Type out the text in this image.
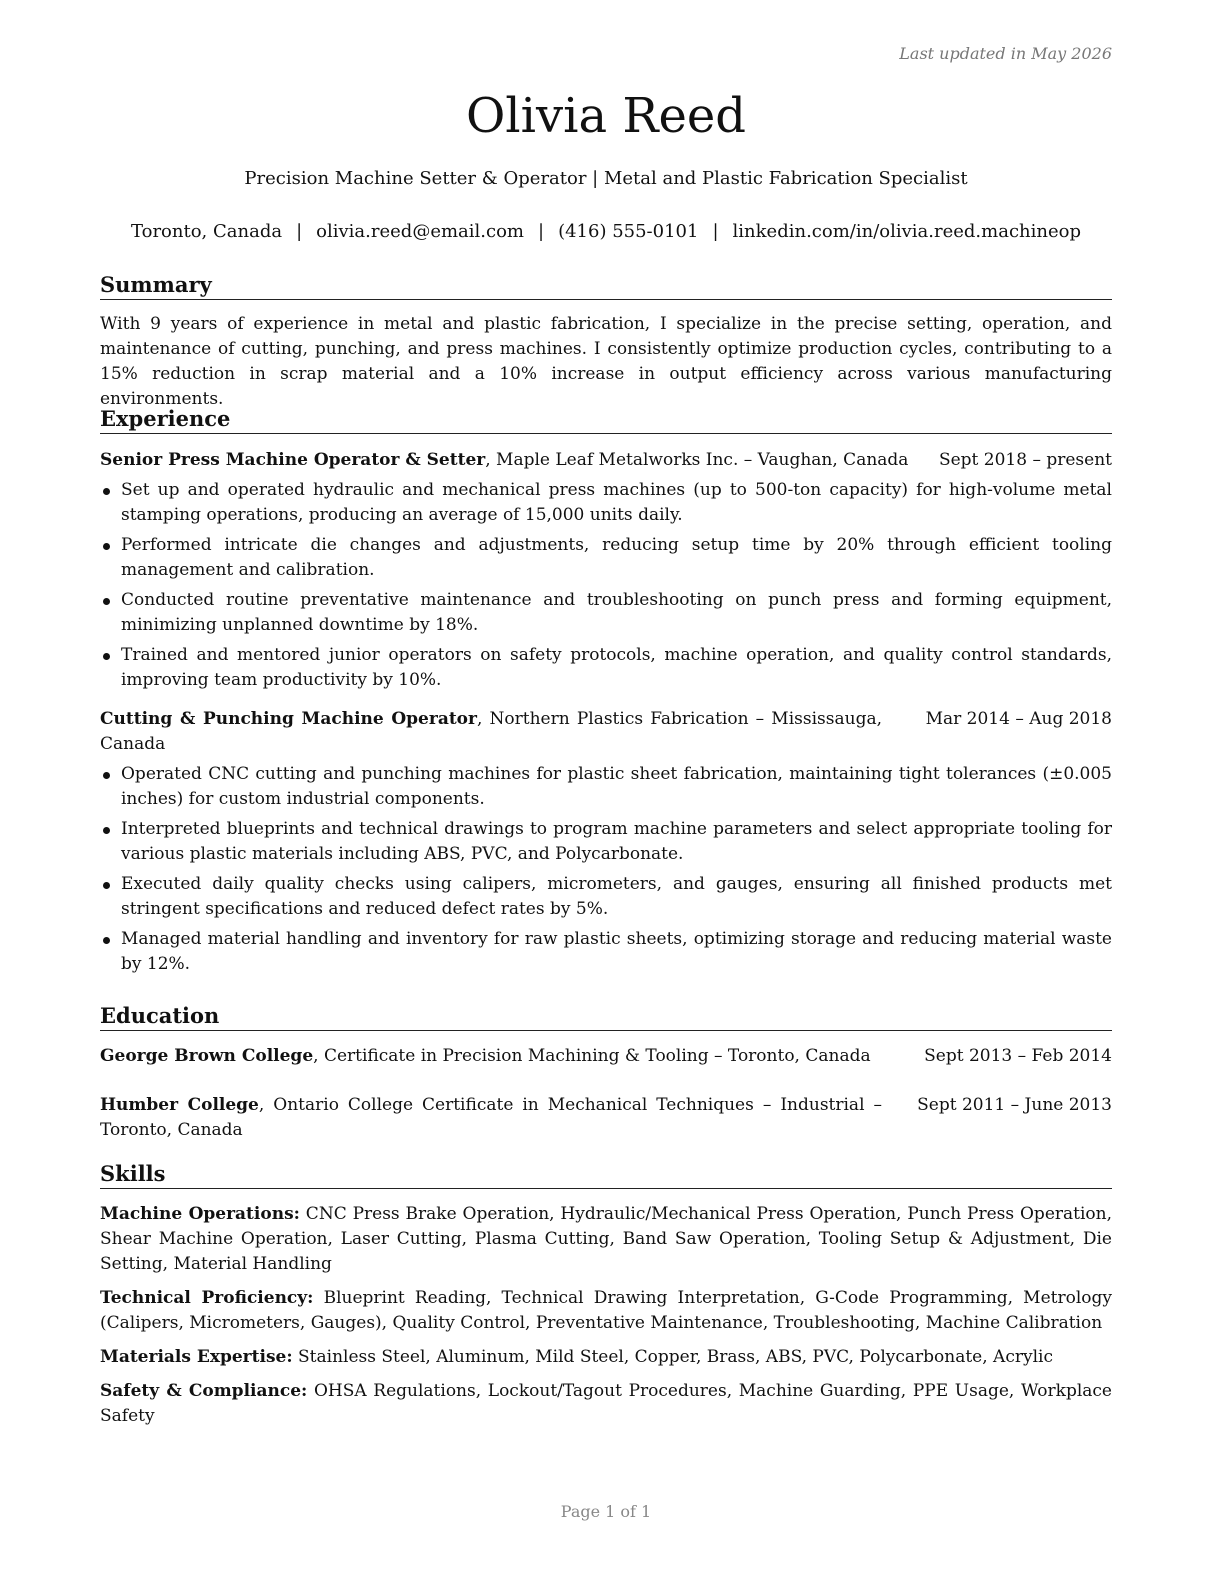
Last updated in May 2026
Olivia Reed
Precision Machine Setter & Operator | Metal and Plastic Fabrication Specialist
Toronto, Canada | olivia.reed@email.com | (416) 555-0101 | linkedin.com/in/olivia.reed.machineop
Summary

With 9 years of experience in metal and plastic fabrication, I specialize in the precise setting, operation, and maintenance of cutting, punching, and press machines. I consistently optimize production cycles, contributing to a 15% reduction in scrap material and a 10% increase in output efficiency across various manufacturing environments.

Experience
Senior Press Machine Operator & Setter, Maple Leaf Metalworks Inc. – Vaughan, Canada	Sept 2018 – present
Set up and operated hydraulic and mechanical press machines (up to 500-ton capacity) for high-volume metal stamping operations, producing an average of 15,000 units daily.
Performed intricate die changes and adjustments, reducing setup time by 20% through efficient tooling management and calibration.
Conducted routine preventative maintenance and troubleshooting on punch press and forming equipment, minimizing unplanned downtime by 18%.
Trained and mentored junior operators on safety protocols, machine operation, and quality control standards, improving team productivity by 10%.
Cutting & Punching Machine Operator, Northern Plastics Fabrication – Mississauga, Canada
Mar 2014 – Aug 2018
Operated CNC cutting and punching machines for plastic sheet fabrication, maintaining tight tolerances (±0.005 inches) for custom industrial components.
Interpreted blueprints and technical drawings to program machine parameters and select appropriate tooling for various plastic materials including ABS, PVC, and Polycarbonate.
Executed daily quality checks using calipers, micrometers, and gauges, ensuring all finished products met stringent specifications and reduced defect rates by 5%.
Managed material handling and inventory for raw plastic sheets, optimizing storage and reducing material waste by 12%.
Education
George Brown College, Certificate in Precision Machining & Tooling – Toronto, Canada	Sept 2013 – Feb 2014
Humber College, Ontario College Certificate in Mechanical Techniques – Industrial – Toronto, Canada
Sept 2011 – June 2013
Skills
Machine Operations: CNC Press Brake Operation, Hydraulic/Mechanical Press Operation, Punch Press Operation, Shear Machine Operation, Laser Cutting, Plasma Cutting, Band Saw Operation, Tooling Setup & Adjustment, Die Setting, Material Handling
Technical Proficiency: Blueprint Reading, Technical Drawing Interpretation, G-Code Programming, Metrology (Calipers, Micrometers, Gauges), Quality Control, Preventative Maintenance, Troubleshooting, Machine Calibration
Materials Expertise: Stainless Steel, Aluminum, Mild Steel, Copper, Brass, ABS, PVC, Polycarbonate, Acrylic
Safety & Compliance: OHSA Regulations, Lockout/Tagout Procedures, Machine Guarding, PPE Usage, Workplace Safety
Page 1 of 1
